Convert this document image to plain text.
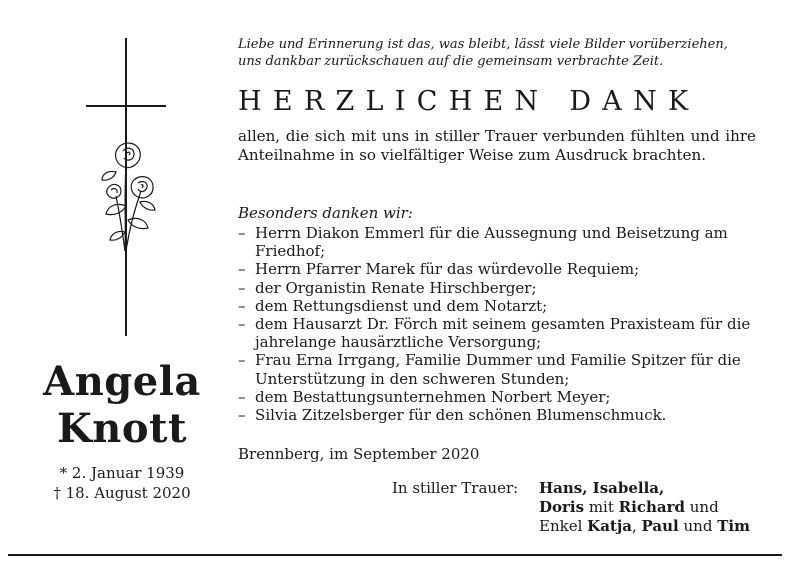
Angela
Knott
* 2. Januar 1939
† 18. August 2020
Liebe und Erinnerung ist das, was bleibt, lässt viele Bilder vorüberziehen,
uns dankbar zurückschauen auf die gemeinsam verbrachte Zeit.
HERZLICHEN DANK
allen, die sich mit uns in stiller Trauer verbunden fühlten und ihre Anteilnahme in so vielfältiger Weise zum Ausdruck brachten.
Besonders danken wir:
–  Herrn Diakon Emmerl für die Aussegnung und Beisetzung am Friedhof;
–  Herrn Pfarrer Marek für das würdevolle Requiem;
–  der Organistin Renate Hirschberger;
–  dem Rettungsdienst und dem Notarzt;
–  dem Hausarzt Dr. Förch mit seinem gesamten Praxisteam für die jahrelange hausärztliche Versorgung;
–  Frau Erna Irrgang, Familie Dummer und Familie Spitzer für die Unterstützung in den schweren Stunden;
–  dem Bestattungsunternehmen Norbert Meyer;
–  Silvia Zitzelsberger für den schönen Blumenschmuck.
Brennberg, im September 2020
In stiller Trauer: Hans, Isabella,
Doris mit Richard und
Enkel Katja, Paul und Tim
